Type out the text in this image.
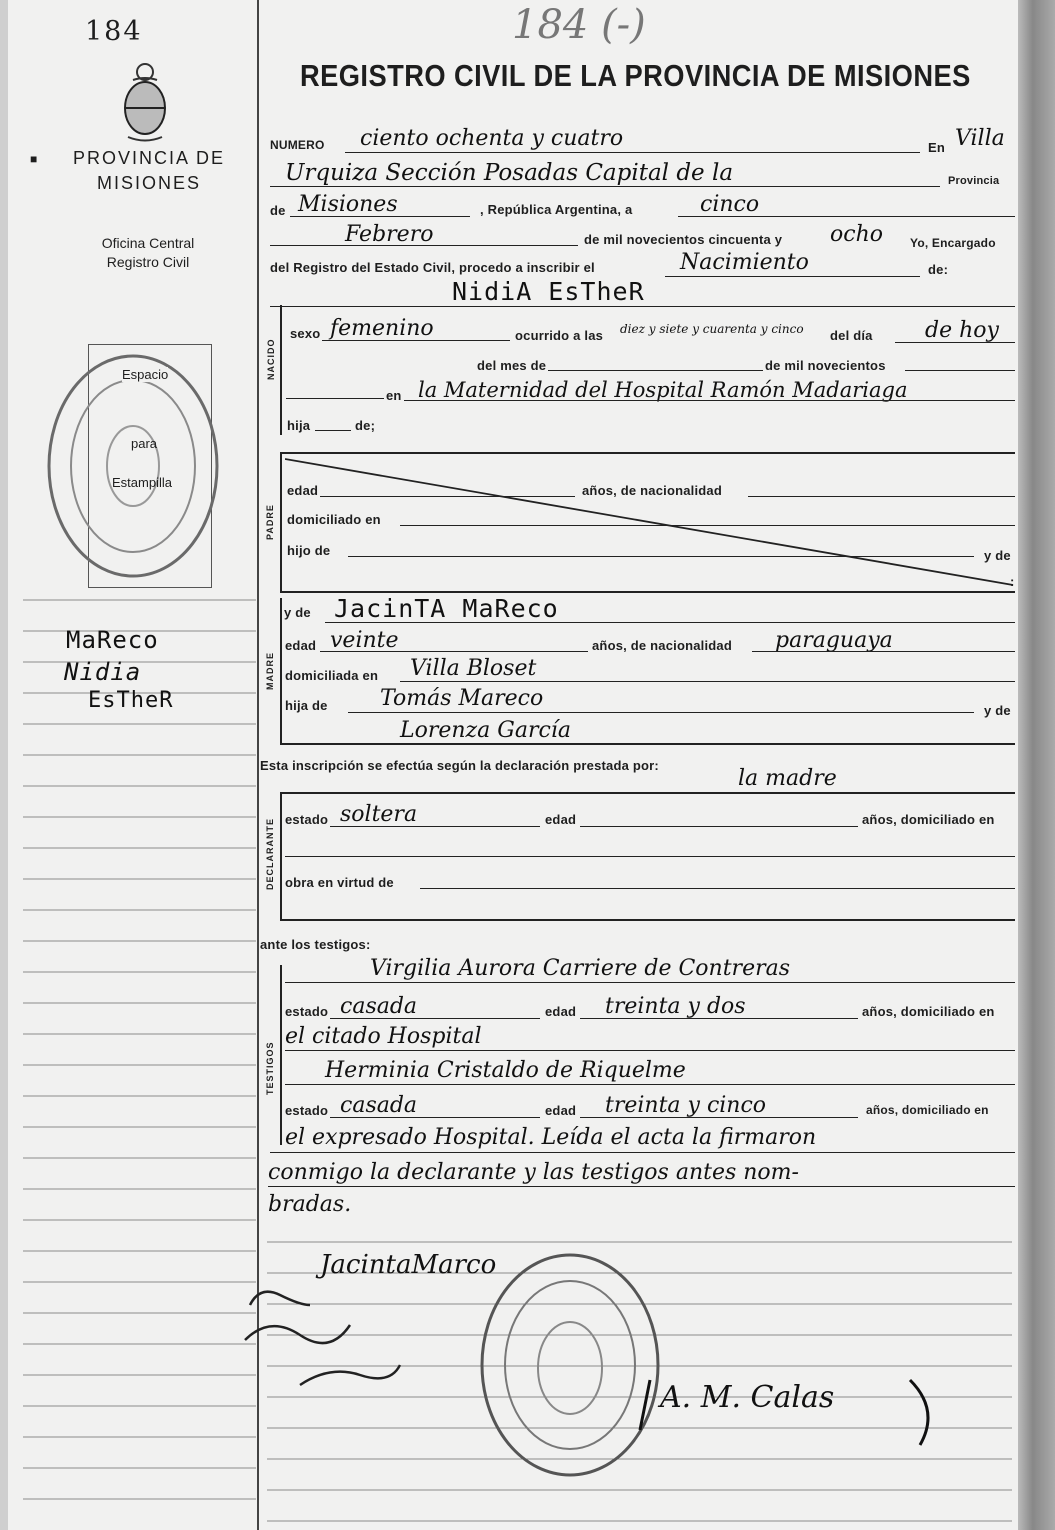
184
PROVINCIA DE
MISIONES
■
Oficina Central
Registro Civil
Espacio
para
Estampilla
MaReco
Nidia
EsTheR
184 (-)
REGISTRO CIVIL DE LA PROVINCIA DE MISIONES
NUMERO ciento ochenta y cuatro	En Villa
Urquiza Sección Posadas Capital de la	Provincia
de Misiones	, República Argentina, a	cinco
Febrero	de mil novecientos cincuenta y ocho Yo, Encargado
del Registro del Estado Civil, procedo a inscribir el	Nacimiento	de:
NidiA EsTheR
NACIDO
sexo femenino	ocurrido a las diez y siete y cuarenta y cinco del día de hoy
del mes de	de mil novecientos
en la Maternidad del Hospital Ramón Madariaga
hija	de;
PADRE
edad	años, de nacionalidad
domiciliado en
hijo de	y de
:
MADRE
y de JacinTA MaReco
edad veinte	años, de nacionalidad paraguaya
domiciliada en Villa Bloset
hija de Tomás Mareco	y de
Lorenza García
Esta inscripción se efectúa según la declaración prestada por:
la madre
DECLARANTE estado soltera	edad	años, domiciliado en
obra en virtud de
ante los testigos:
TESTIGOS
Virgilia Aurora Carriere de Contreras
estado casada	edad treinta y dos	años, domiciliado en
el citado Hospital
Herminia Cristaldo de Riquelme
estado casada	edad treinta y cinco	años, domiciliado en
el expresado Hospital. Leída el acta la firmaron
conmigo la declarante y las testigos antes nom-
bradas.
JacintaMarco
A. M. Calas
